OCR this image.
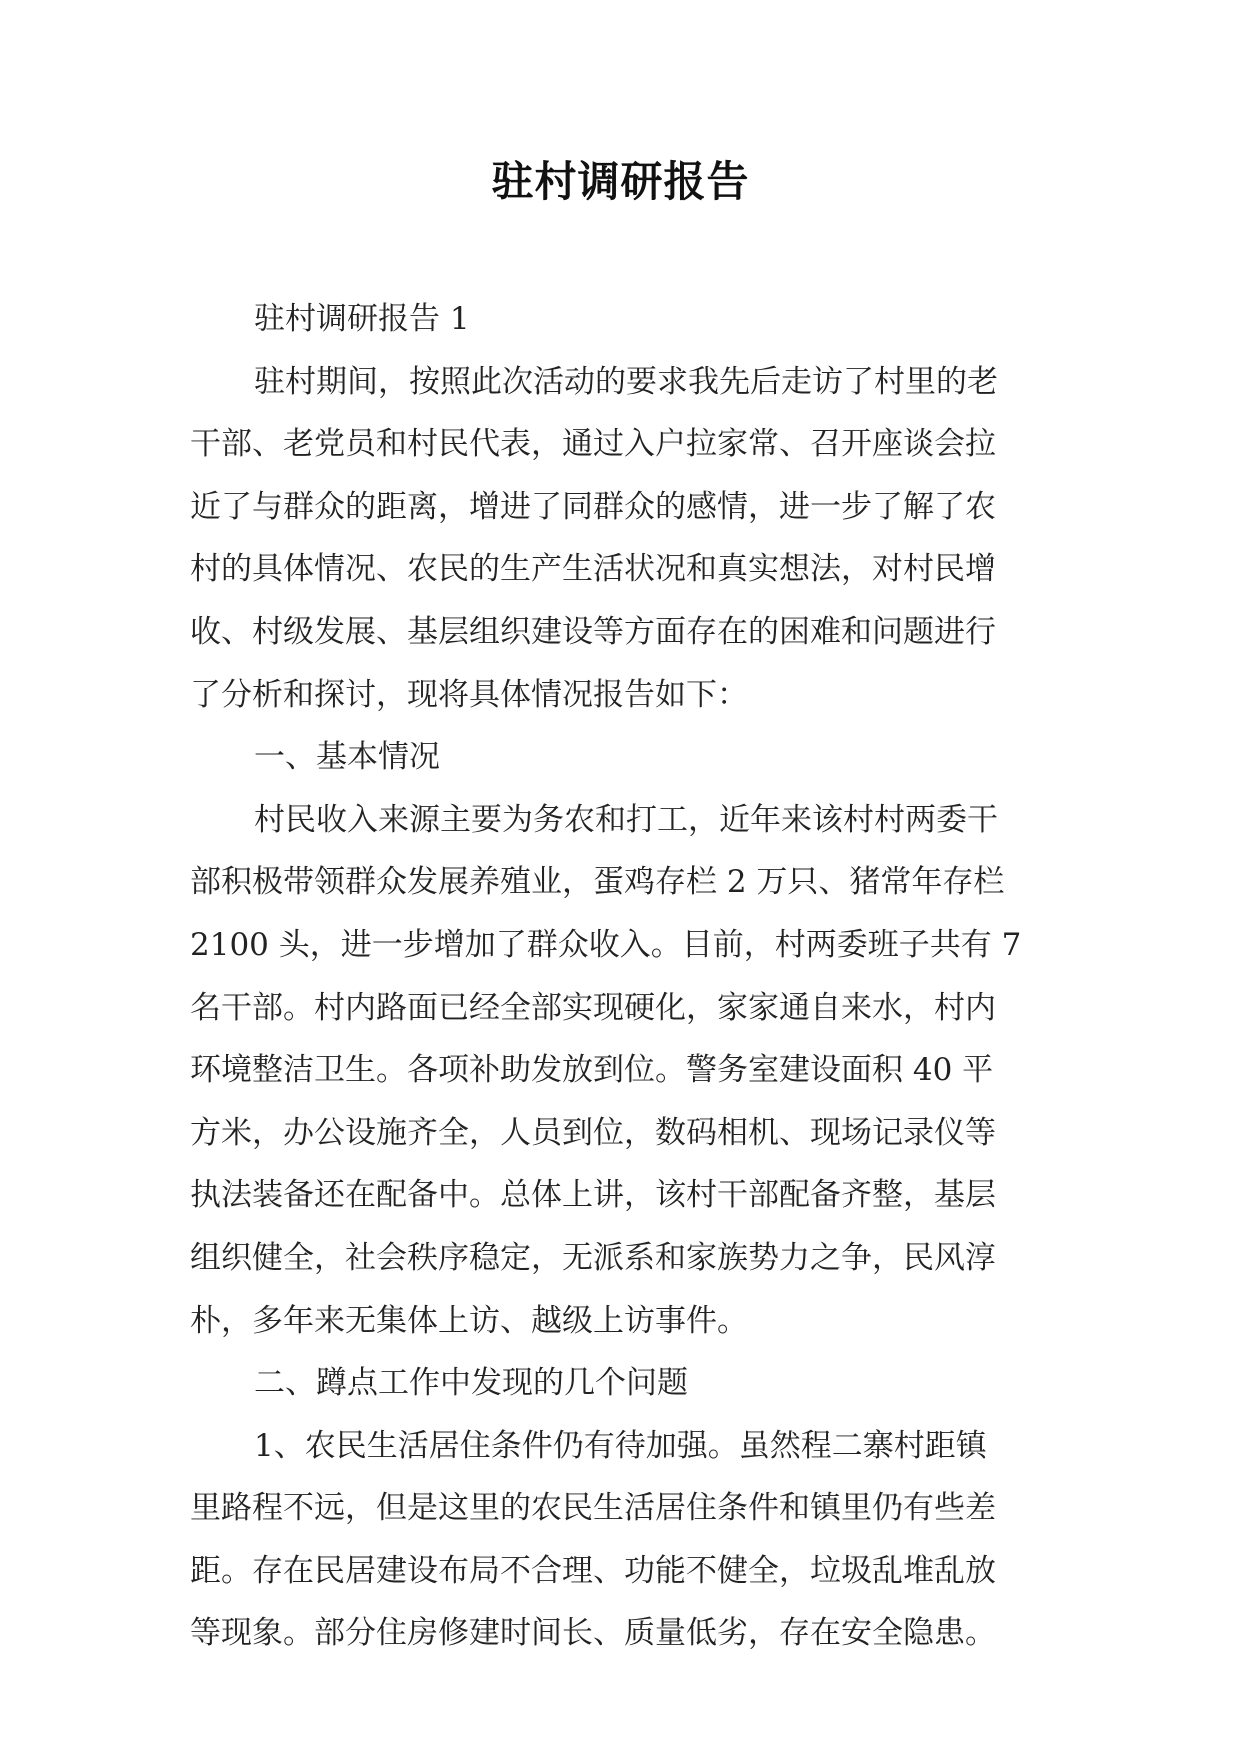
驻村调研报告
驻村调研报告 1
驻村期间，按照此次活动的要求我先后走访了村里的老
干部、老党员和村民代表，通过入户拉家常、召开座谈会拉
近了与群众的距离，增进了同群众的感情，进一步了解了农
村的具体情况、农民的生产生活状况和真实想法，对村民增
收、村级发展、基层组织建设等方面存在的困难和问题进行
了分析和探讨，现将具体情况报告如下：
一、基本情况
村民收入来源主要为务农和打工，近年来该村村两委干
部积极带领群众发展养殖业，蛋鸡存栏 2 万只、猪常年存栏
2100 头，进一步增加了群众收入。目前，村两委班子共有 7
名干部。村内路面已经全部实现硬化，家家通自来水，村内
环境整洁卫生。各项补助发放到位。警务室建设面积 40 平
方米，办公设施齐全，人员到位，数码相机、现场记录仪等
执法装备还在配备中。总体上讲，该村干部配备齐整，基层
组织健全，社会秩序稳定，无派系和家族势力之争，民风淳
朴，多年来无集体上访、越级上访事件。
二、蹲点工作中发现的几个问题
1、农民生活居住条件仍有待加强。虽然程二寨村距镇
里路程不远，但是这里的农民生活居住条件和镇里仍有些差
距。存在民居建设布局不合理、功能不健全，垃圾乱堆乱放
等现象。部分住房修建时间长、质量低劣，存在安全隐患。
